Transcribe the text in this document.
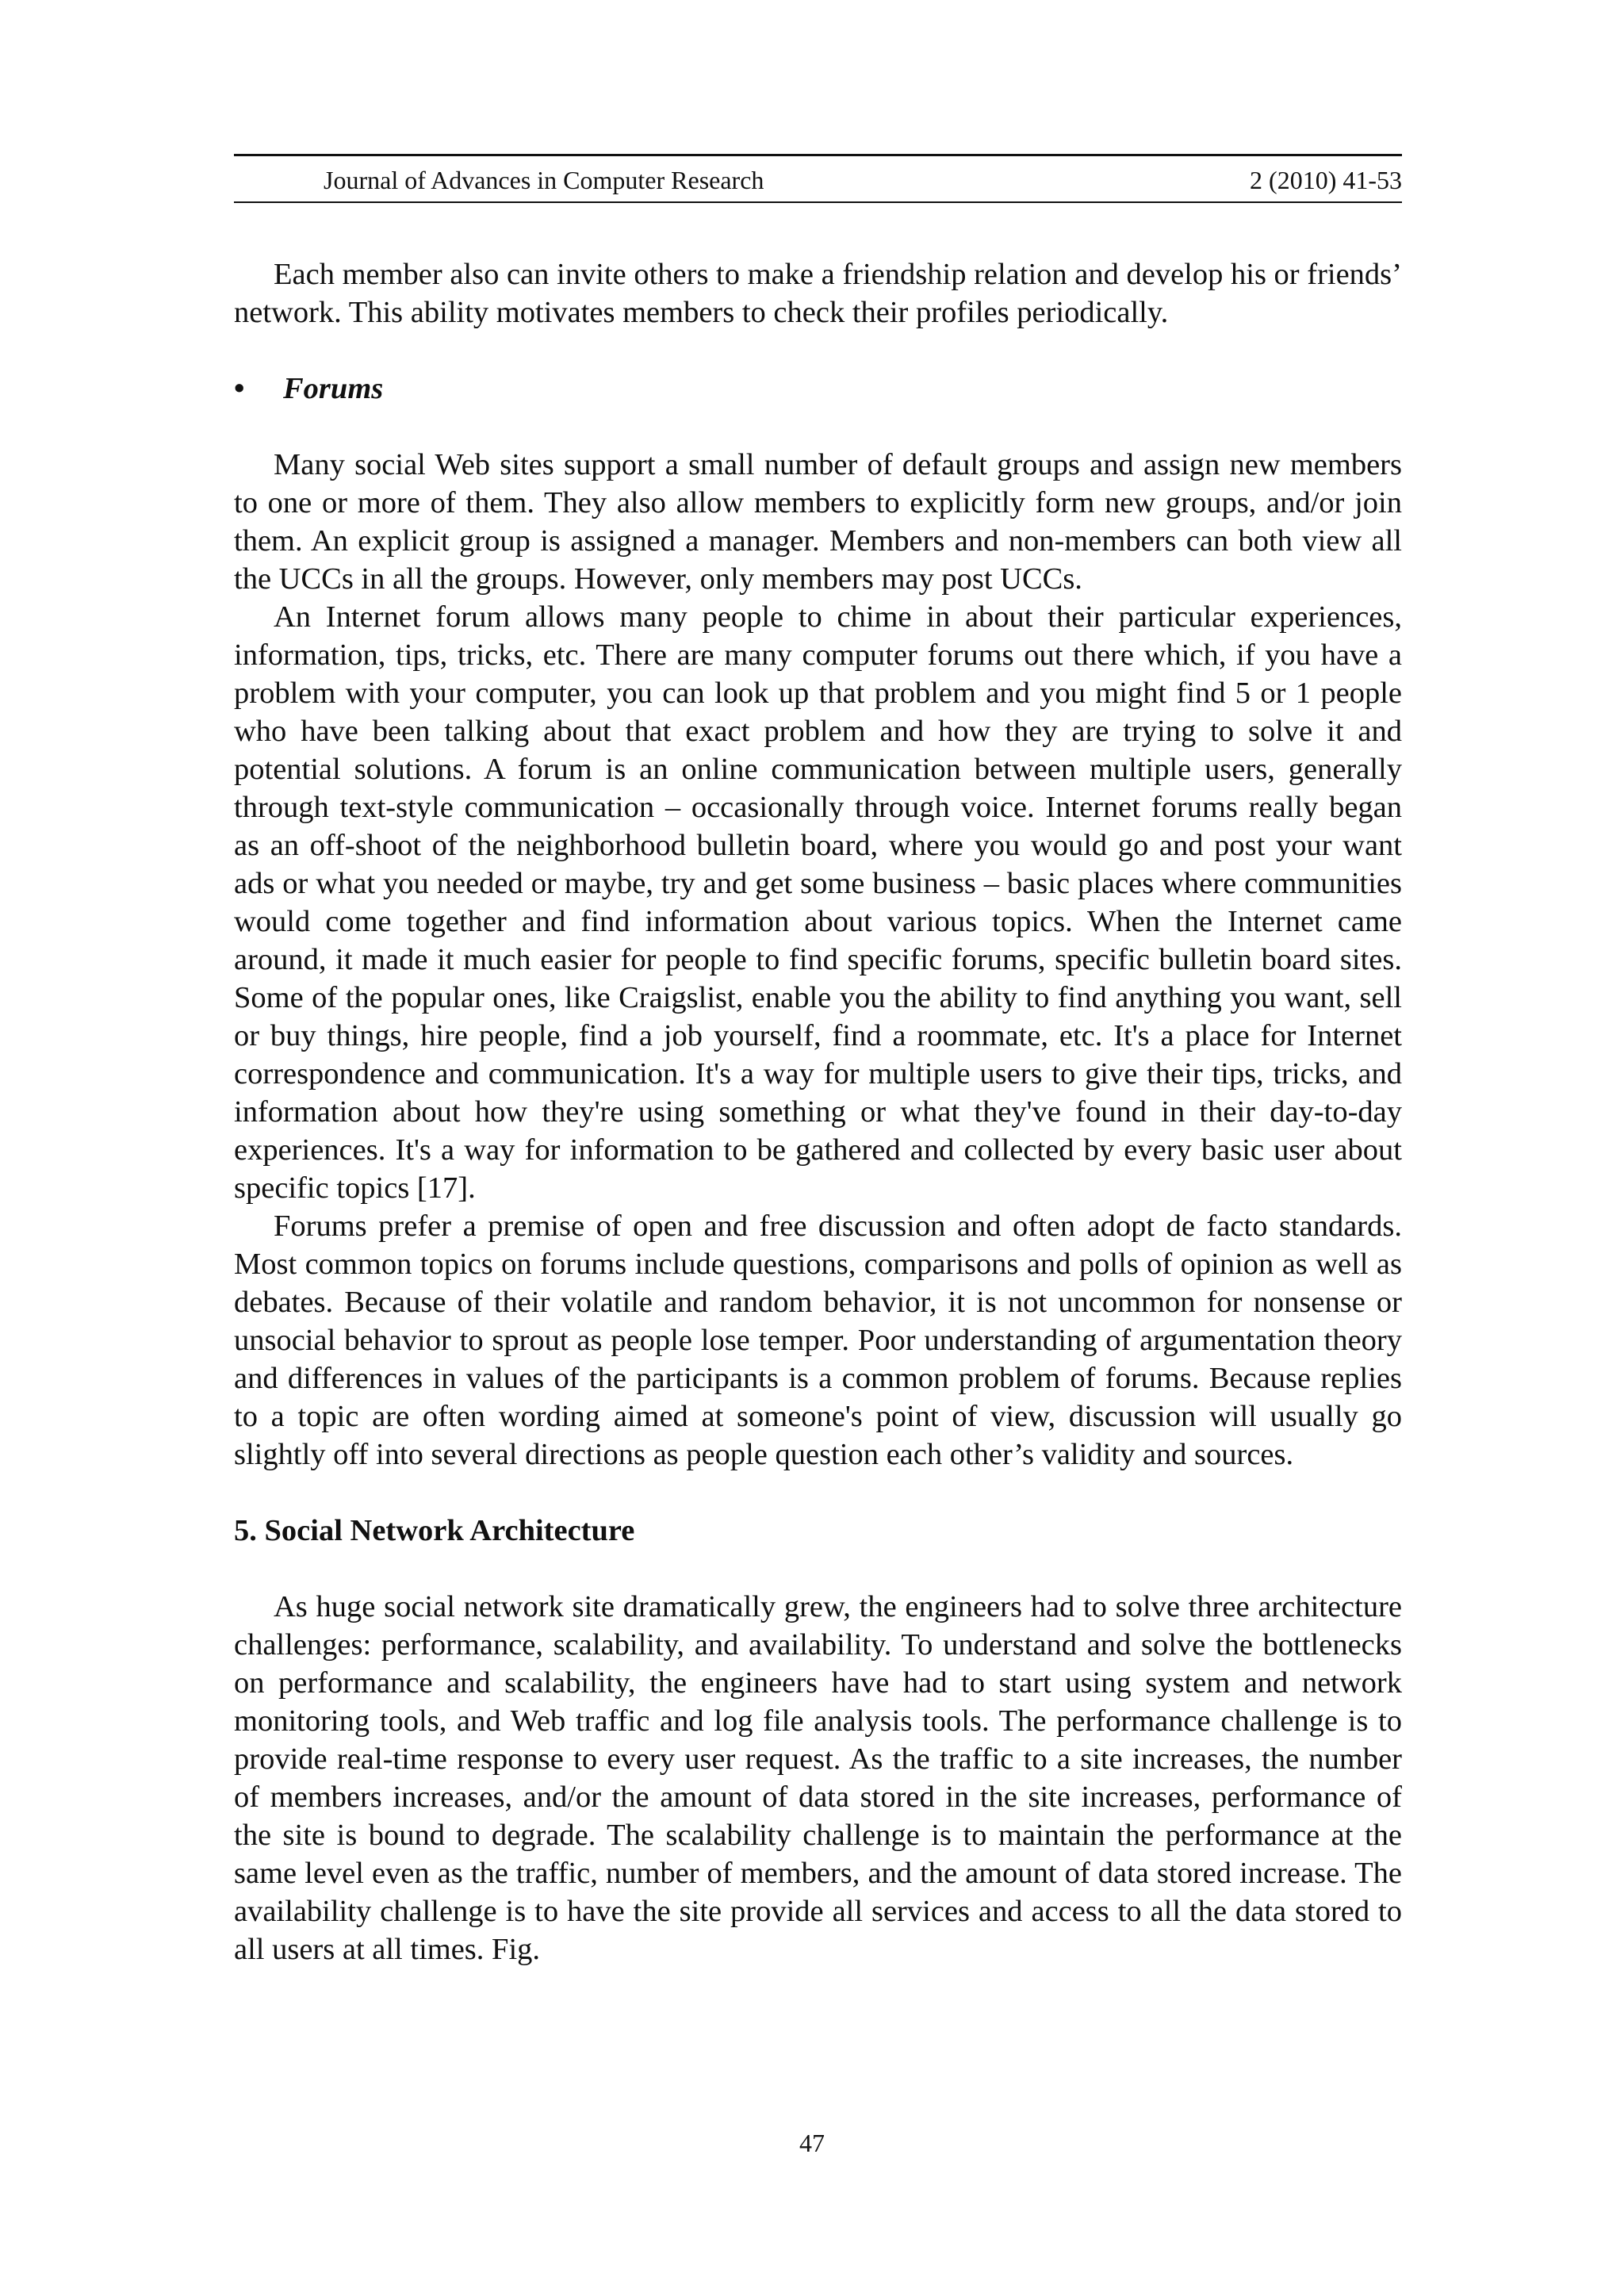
Journal of Advances in Computer Research	2 (2010) 41-53

Each member also can invite others to make a friendship relation and develop his or friends’ network. This ability motivates members to check their profiles periodically.

•	Forums

Many social Web sites support a small number of default groups and assign new members to one or more of them. They also allow members to explicitly form new groups, and/or join them. An explicit group is assigned a manager. Members and non-members can both view all the UCCs in all the groups. However, only members may post UCCs.

An Internet forum allows many people to chime in about their particular experiences, information, tips, tricks, etc. There are many computer forums out there which, if you have a problem with your computer, you can look up that problem and you might find 5 or 1 people who have been talking about that exact problem and how they are trying to solve it and potential solutions. A forum is an online communication between multiple users, generally through text-style communication – occasionally through voice. Internet forums really began as an off-shoot of the neighborhood bulletin board, where you would go and post your want ads or what you needed or maybe, try and get some business – basic places where communities would come together and find information about various topics. When the Internet came around, it made it much easier for people to find specific forums, specific bulletin board sites. Some of the popular ones, like Craigslist, enable you the ability to find anything you want, sell or buy things, hire people, find a job yourself, find a roommate, etc. It's a place for Internet correspondence and communication. It's a way for multiple users to give their tips, tricks, and information about how they're using something or what they've found in their day-to-day experiences. It's a way for information to be gathered and collected by every basic user about specific topics [17].

Forums prefer a premise of open and free discussion and often adopt de facto standards. Most common topics on forums include questions, comparisons and polls of opinion as well as debates. Because of their volatile and random behavior, it is not uncommon for nonsense or unsocial behavior to sprout as people lose temper. Poor understanding of argumentation theory and differences in values of the participants is a common problem of forums. Because replies to a topic are often wording aimed at someone's point of view, discussion will usually go slightly off into several directions as people question each other’s validity and sources.

5. Social Network Architecture

As huge social network site dramatically grew, the engineers had to solve three architecture challenges: performance, scalability, and availability. To understand and solve the bottlenecks on performance and scalability, the engineers have had to start using system and network monitoring tools, and Web traffic and log file analysis tools. The performance challenge is to provide real-time response to every user request. As the traffic to a site increases, the number of members increases, and/or the amount of data stored in the site increases, performance of the site is bound to degrade. The scalability challenge is to maintain the performance at the same level even as the traffic, number of members, and the amount of data stored increase. The availability challenge is to have the site provide all services and access to all the data stored to all users at all times. Fig.

47
